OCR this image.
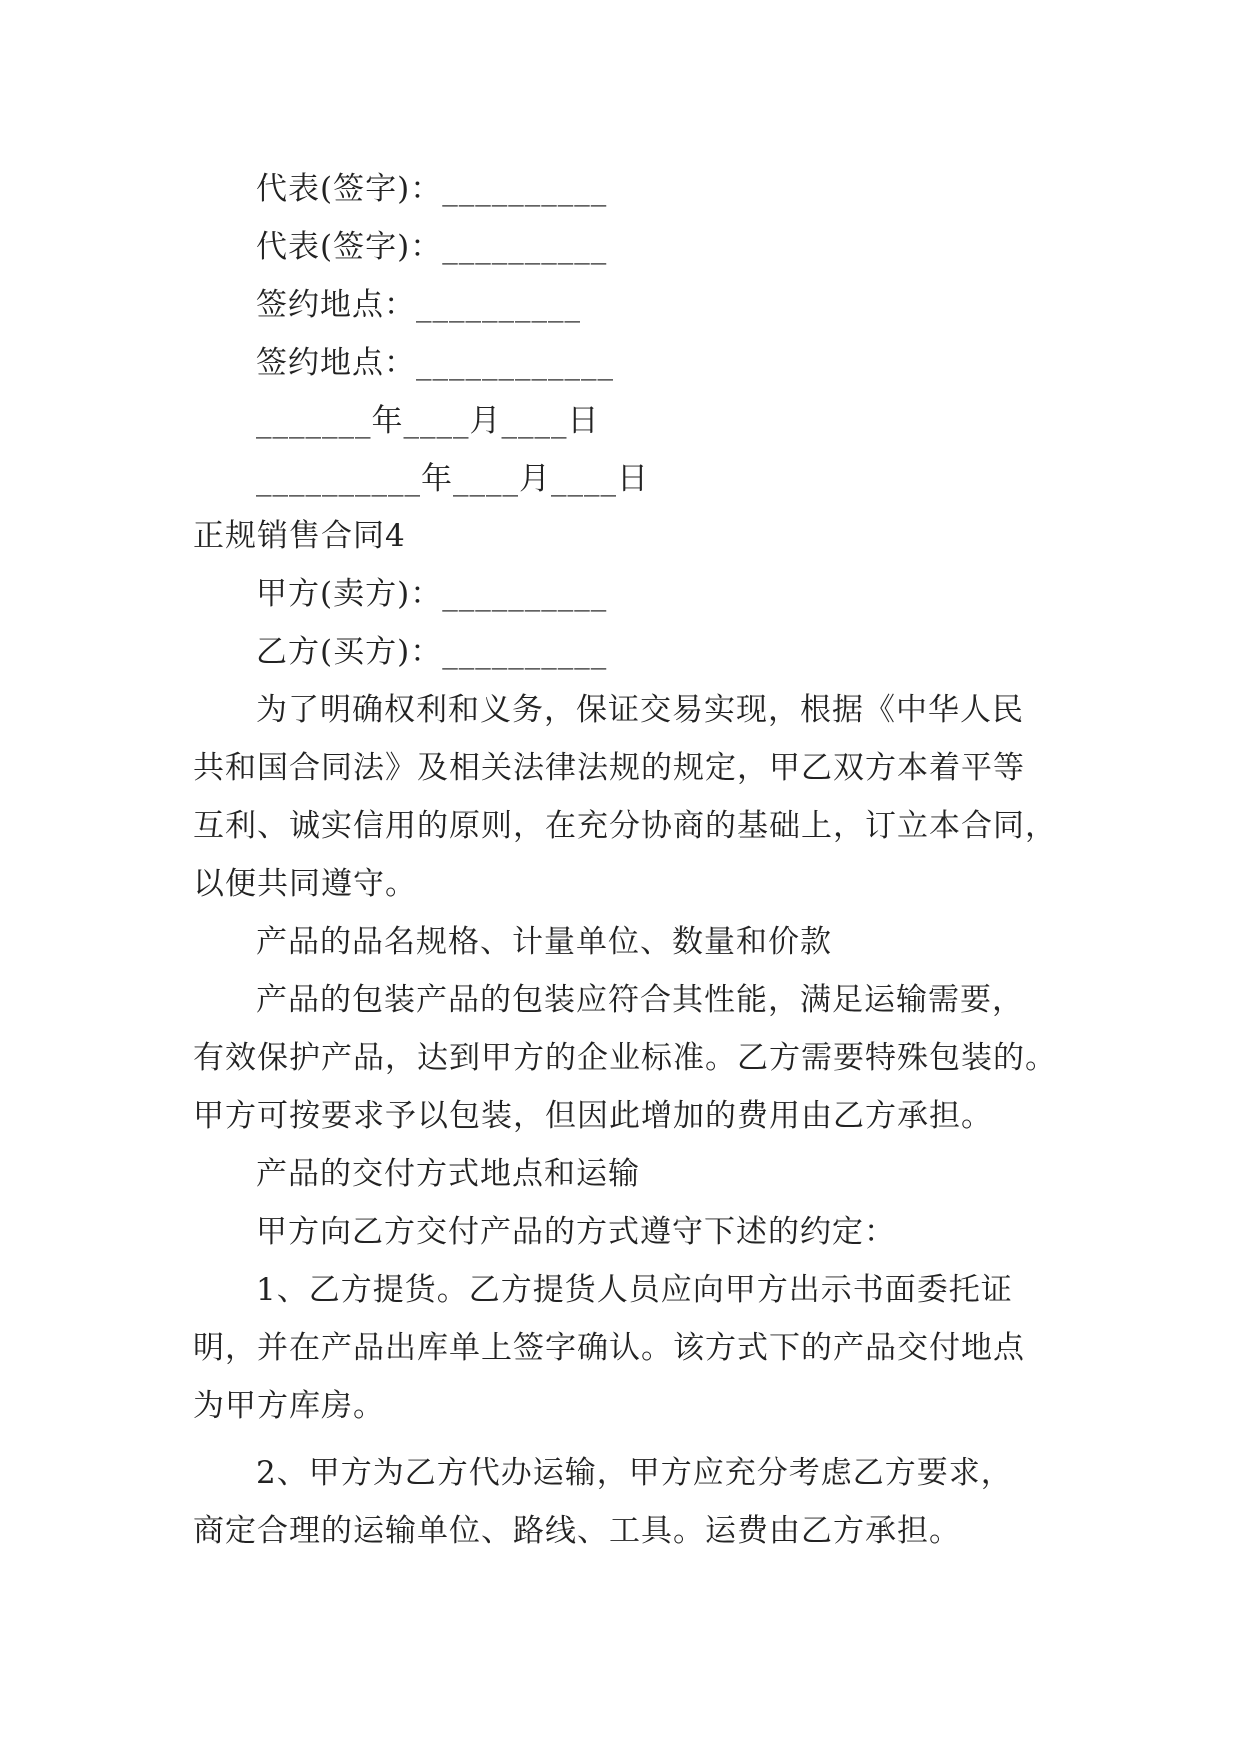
代表(签字)：__________
代表(签字)：__________
签约地点：__________
签约地点：____________
_______年____月____日
__________年____月____日
正规销售合同4
甲方(卖方)：__________
乙方(买方)：__________
为了明确权利和义务，保证交易实现，根据《中华人民
共和国合同法》及相关法律法规的规定，甲乙双方本着平等
互利、诚实信用的原则，在充分协商的基础上，订立本合同，
以便共同遵守。
产品的品名规格、计量单位、数量和价款
产品的包装产品的包装应符合其性能，满足运输需要，
有效保护产品，达到甲方的企业标准。乙方需要特殊包装的。
甲方可按要求予以包装，但因此增加的费用由乙方承担。
产品的交付方式地点和运输
甲方向乙方交付产品的方式遵守下述的约定：
1、乙方提货。乙方提货人员应向甲方出示书面委托证
明，并在产品出库单上签字确认。该方式下的产品交付地点
为甲方库房。
2、甲方为乙方代办运输，甲方应充分考虑乙方要求，
商定合理的运输单位、路线、工具。运费由乙方承担。
